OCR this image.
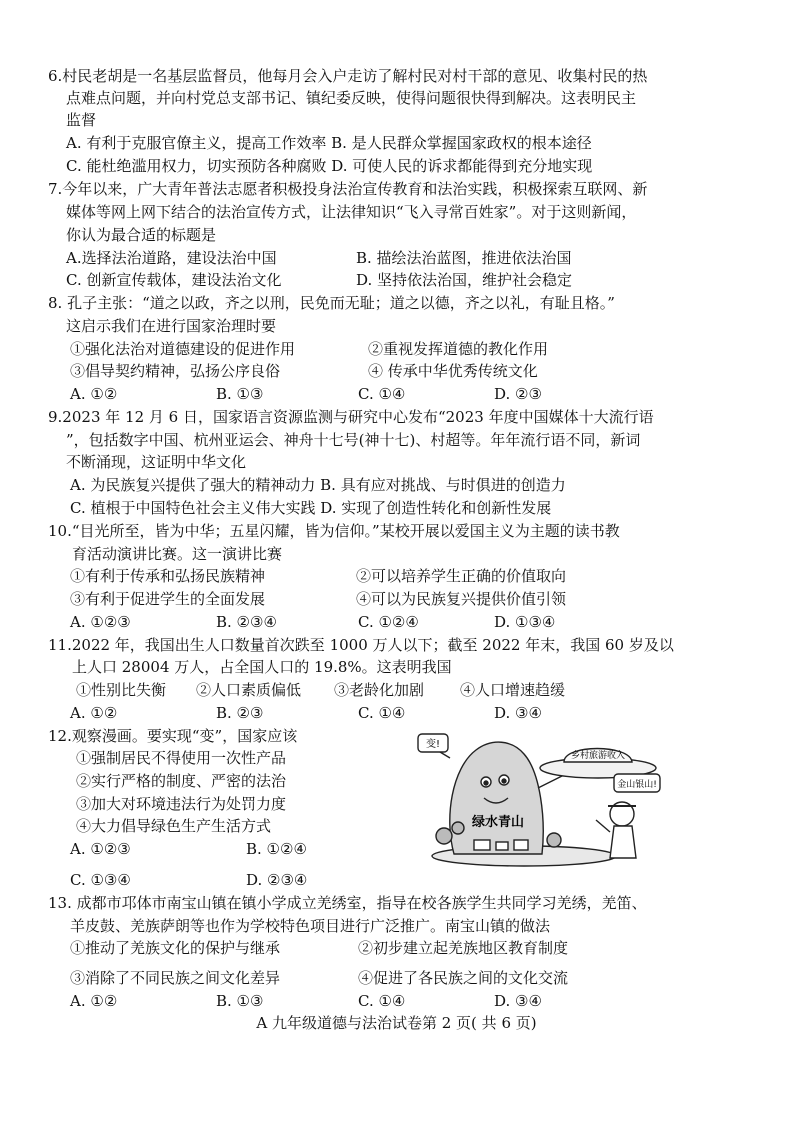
6.村民老胡是一名基层监督员，他每月会入户走访了解村民对村干部的意见、收集村民的热
点难点问题，并向村党总支部书记、镇纪委反映，使得问题很快得到解决。这表明民主
监督
A. 有利于克服官僚主义，提高工作效率 B. 是人民群众掌握国家政权的根本途径
C. 能杜绝滥用权力，切实预防各种腐败 D. 可使人民的诉求都能得到充分地实现
7.今年以来，广大青年普法志愿者积极投身法治宣传教育和法治实践，积极探索互联网、新
媒体等网上网下结合的法治宣传方式，让法律知识“飞入寻常百姓家”。对于这则新闻，
你认为最合适的标题是
A.选择法治道路，建设法治中国	B. 描绘法治蓝图，推进依法治国
C. 创新宣传载体，建设法治文化	D. 坚持依法治国，维护社会稳定
8. 孔子主张：“道之以政，齐之以刑，民免而无耻；道之以德，齐之以礼，有耻且格。”
这启示我们在进行国家治理时要
①强化法治对道德建设的促进作用	②重视发挥道德的教化作用
③倡导契约精神，弘扬公序良俗	④ 传承中华优秀传统文化
A. ①②	B. ①③	C. ①④	D. ②③
9.2023 年 12 月 6 日，国家语言资源监测与研究中心发布“2023 年度中国媒体十大流行语
”，包括数字中国、杭州亚运会、神舟十七号(神十七)、村超等。年年流行语不同，新词
不断涌现，这证明中华文化
A. 为民族复兴提供了强大的精神动力 B. 具有应对挑战、与时俱进的创造力
C. 植根于中国特色社会主义伟大实践 D. 实现了创造性转化和创新性发展
10.“目光所至，皆为中华；五星闪耀，皆为信仰。”某校开展以爱国主义为主题的读书教
育活动演讲比赛。这一演讲比赛
①有利于传承和弘扬民族精神	②可以培养学生正确的价值取向
③有利于促进学生的全面发展	④可以为民族复兴提供价值引领
A. ①②③	B. ②③④	C. ①②④	D. ①③④
11.2022 年，我国出生人口数量首次跌至 1000 万人以下；截至 2022 年末，我国 60 岁及以
上人口 28004 万人，占全国人口的 19.8%。这表明我国
①性别比失衡 ②人口素质偏低 ③老龄化加剧 ④人口增速趋缓
A. ①②	B. ②③	C. ①④	D. ③④
12.观察漫画。要实现“变”，国家应该
①强制居民不得使用一次性产品
②实行严格的制度、严密的法治
③加大对环境违法行为处罚力度
④大力倡导绿色生产生活方式
A. ①②③	B. ①②④
C. ①③④	D. ②③④
变!
乡村旅游收入
金山银山!
绿水青山
13. 成都市邛体市南宝山镇在镇小学成立羌绣室，指导在校各族学生共同学习羌绣，羌笛、
羊皮鼓、羌族萨朗等也作为学校特色项目进行广泛推广。南宝山镇的做法
①推动了羌族文化的保护与继承	②初步建立起羌族地区教育制度
③消除了不同民族之间文化差异	④促进了各民族之间的文化交流
A. ①②	B. ①③	C. ①④	D. ③④
A 九年级道德与法治试卷第 2 页( 共 6 页)
